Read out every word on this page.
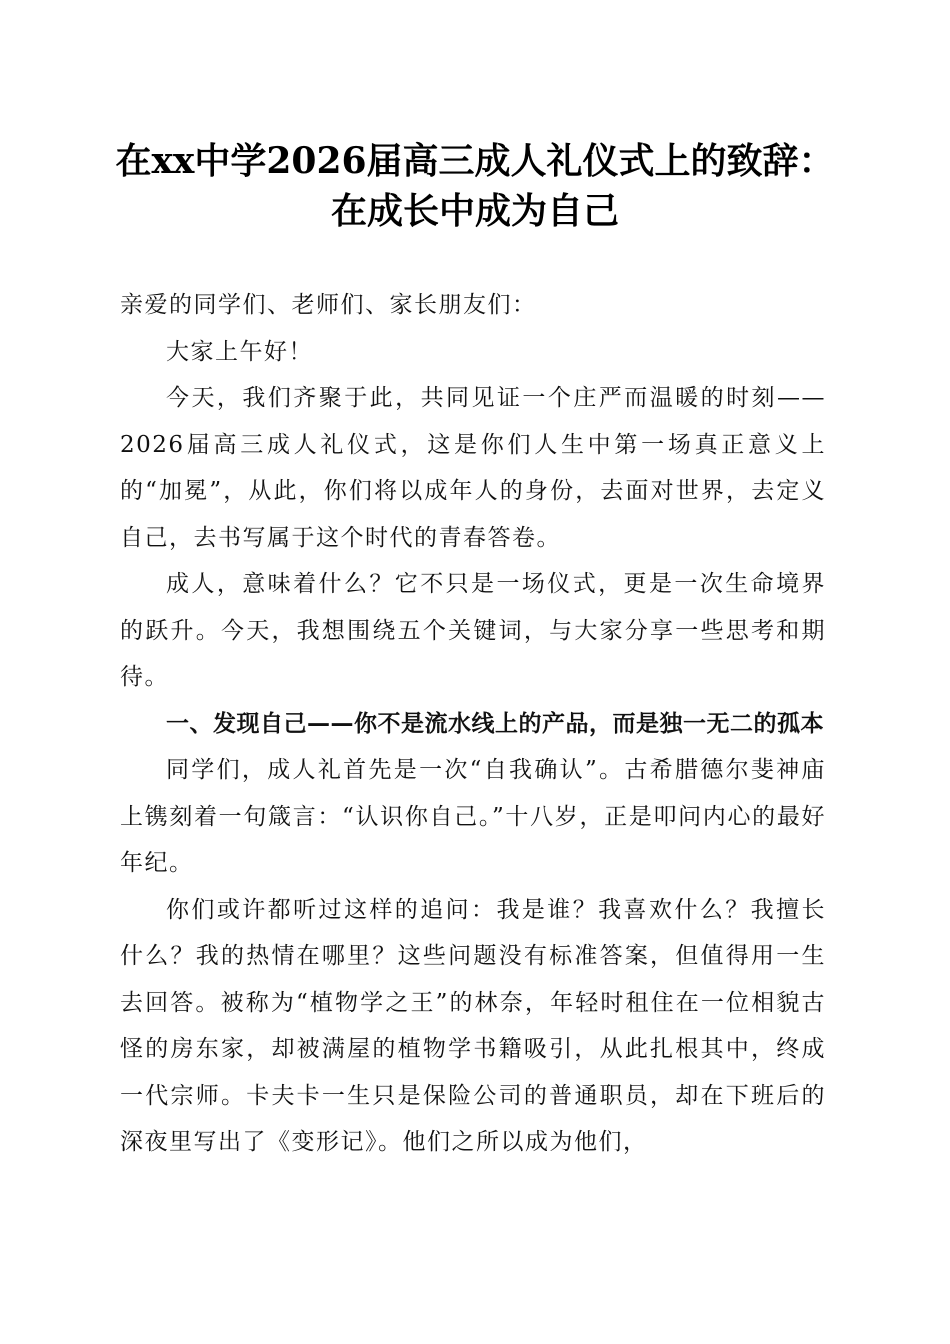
在xx中学2026届高三成人礼仪式上的致辞：
在成长中成为自己

亲爱的同学们、老师们、家长朋友们：

大家上午好！

今天，我们齐聚于此，共同见证一个庄严而温暖的时刻——2026届高三成人礼仪式，这是你们人生中第一场真正意义上的“加冕”，从此，你们将以成年人的身份，去面对世界，去定义自己，去书写属于这个时代的青春答卷。

成人，意味着什么？它不只是一场仪式，更是一次生命境界的跃升。今天，我想围绕五个关键词，与大家分享一些思考和期待。

一、发现自己——你不是流水线上的产品，而是独一无二的孤本

同学们，成人礼首先是一次“自我确认”。古希腊德尔斐神庙上镌刻着一句箴言：“认识你自己。”十八岁，正是叩问内心的最好年纪。

你们或许都听过这样的追问：我是谁？我喜欢什么？我擅长什么？我的热情在哪里？这些问题没有标准答案，但值得用一生去回答。被称为“植物学之王”的林奈，年轻时租住在一位相貌古怪的房东家，却被满屋的植物学书籍吸引，从此扎根其中，终成一代宗师。卡夫卡一生只是保险公司的普通职员，却在下班后的深夜里写出了《变形记》。他们之所以成为他们，
